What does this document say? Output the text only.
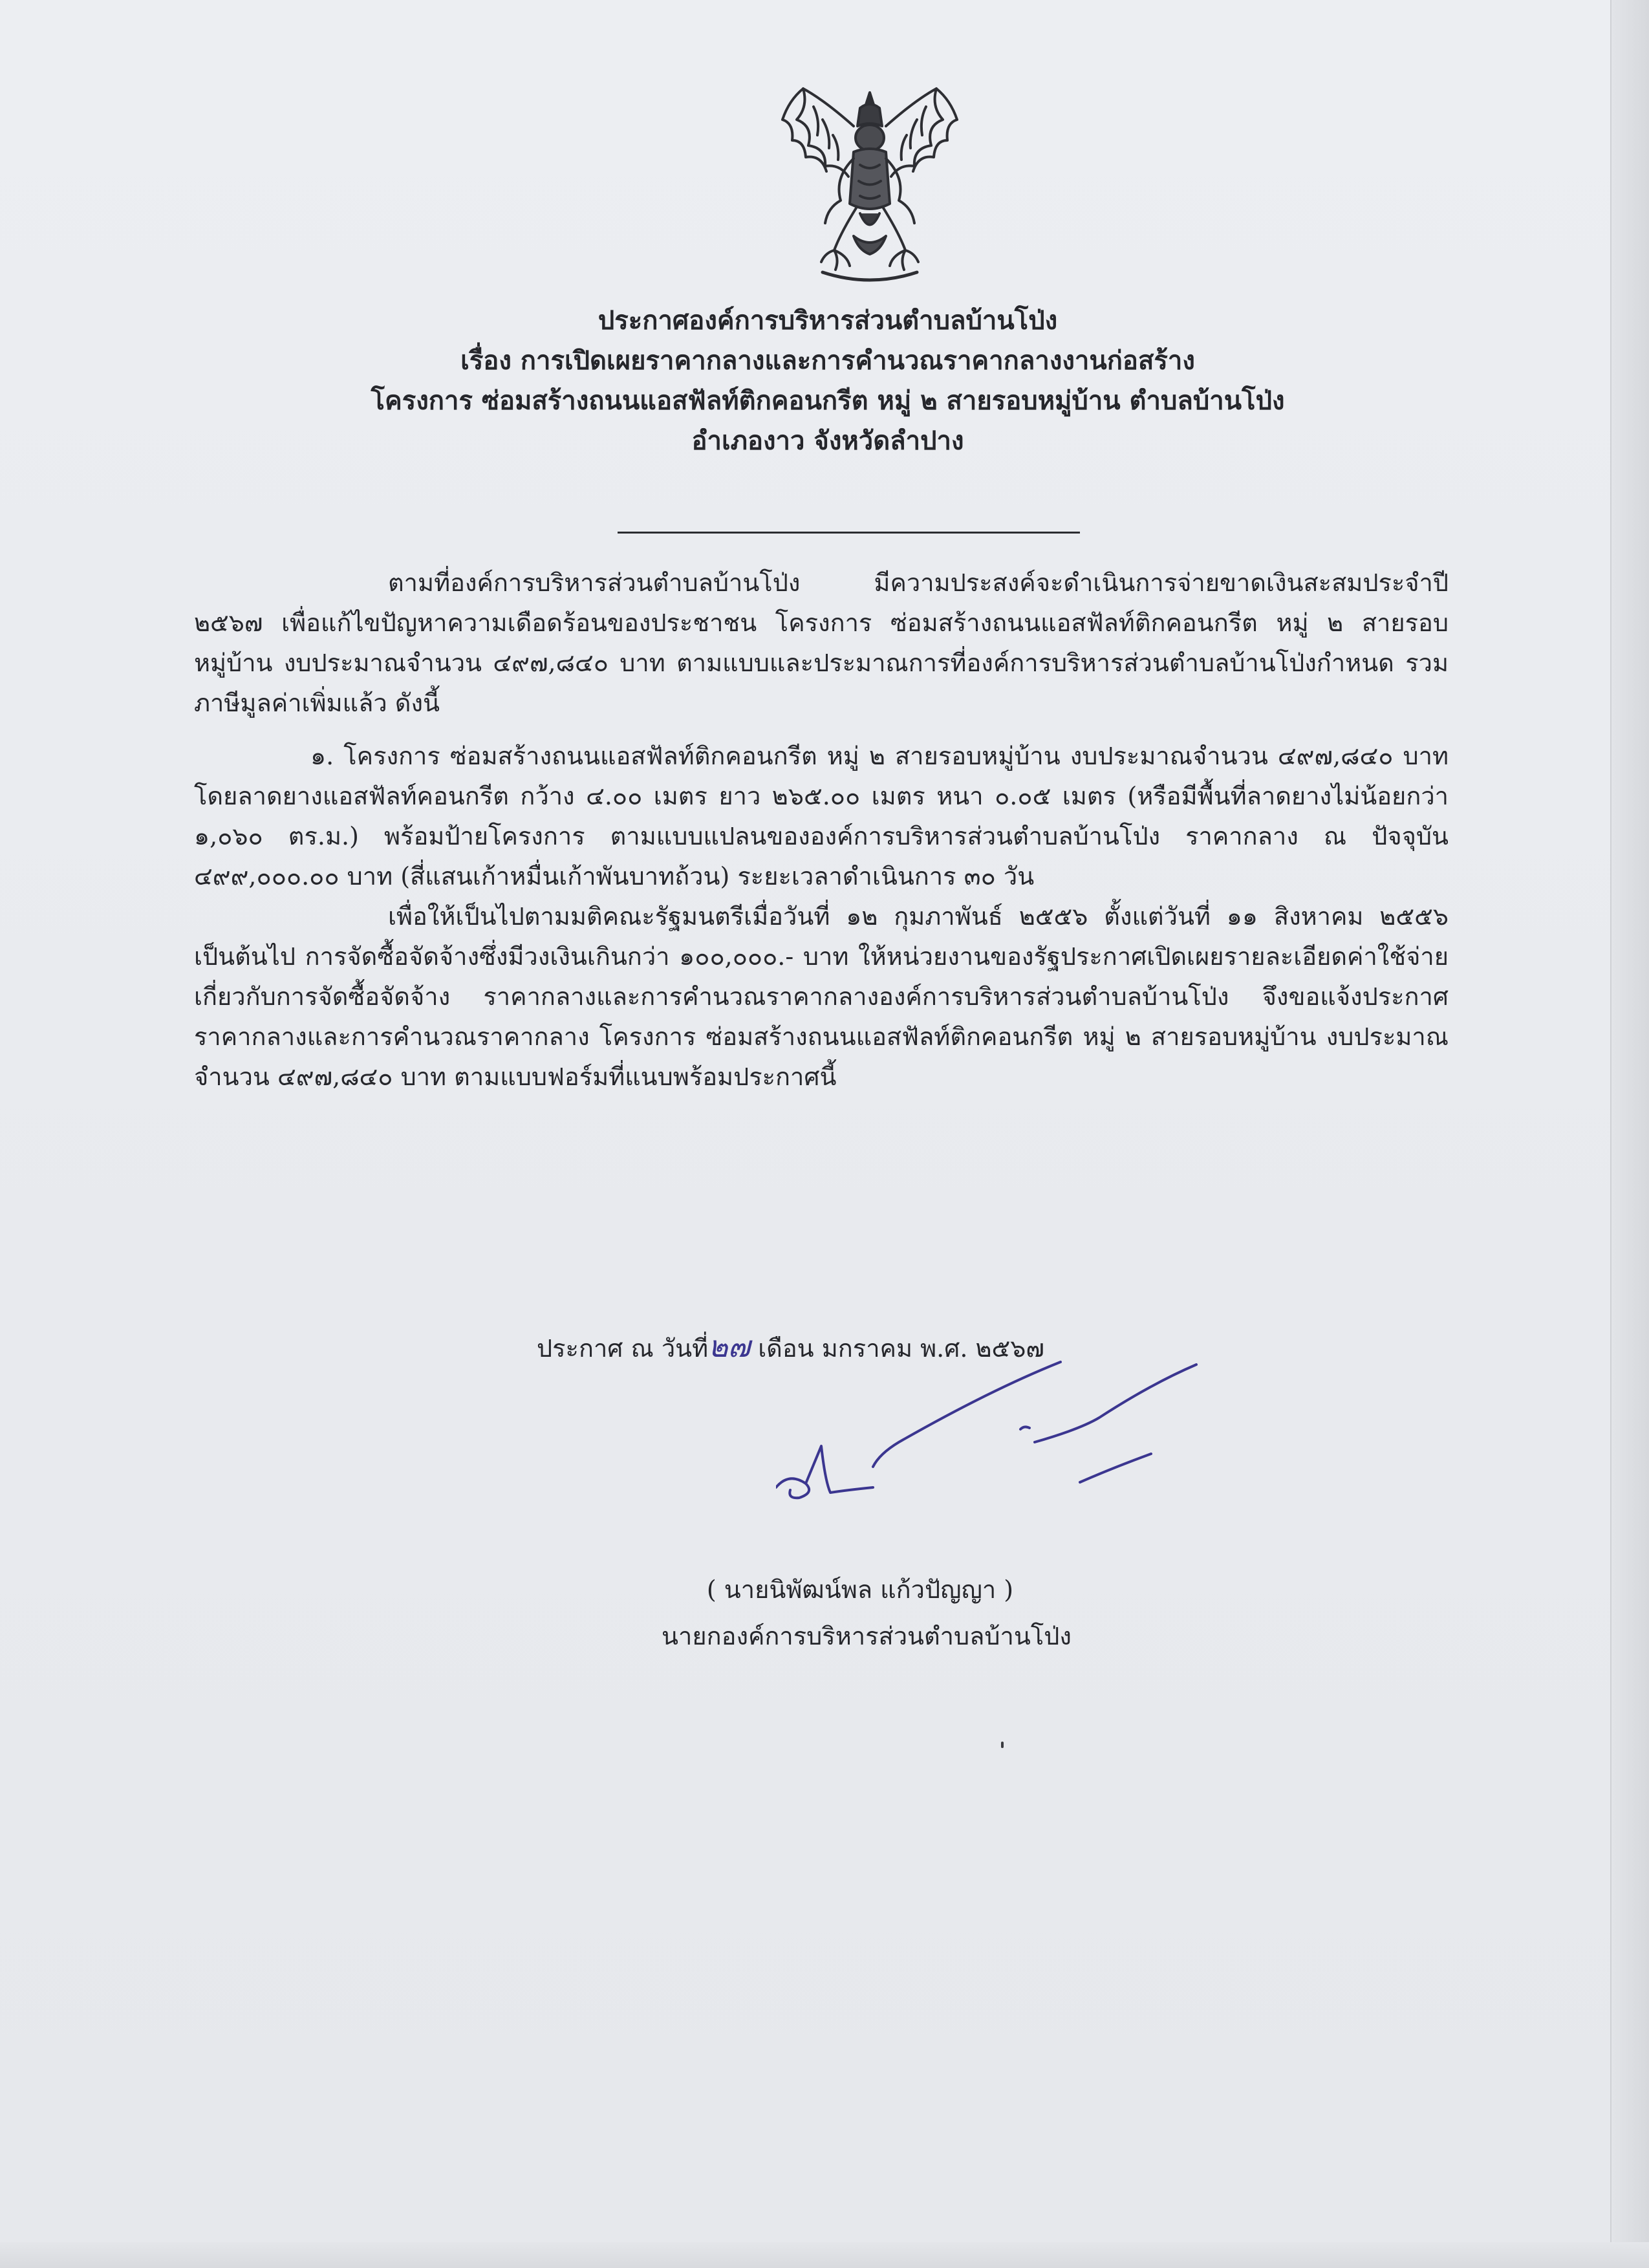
ประกาศองค์การบริหารส่วนตำบลบ้านโป่ง

เรื่อง การเปิดเผยราคากลางและการคำนวณราคากลางงานก่อสร้าง

โครงการ ซ่อมสร้างถนนแอสฟัลท์ติกคอนกรีต หมู่ ๒ สายรอบหมู่บ้าน ตำบลบ้านโป่ง

อำเภองาว จังหวัดลำปาง

ตามที่องค์การบริหารส่วนตำบลบ้านโป่ง มีความประสงค์จะดำเนินการจ่ายขาดเงินสะสมประจำปี ๒๕๖๗ เพื่อแก้ไขปัญหาความเดือดร้อนของประชาชน โครงการ ซ่อมสร้างถนนแอสฟัลท์ติกคอนกรีต หมู่ ๒ สายรอบหมู่บ้าน งบประมาณจำนวน ๔๙๗,๘๔๐ บาท ตามแบบและประมาณการที่องค์การบริหารส่วนตำบลบ้านโป่งกำหนด รวมภาษีมูลค่าเพิ่มแล้ว ดังนี้

๑. โครงการ ซ่อมสร้างถนนแอสฟัลท์ติกคอนกรีต หมู่ ๒ สายรอบหมู่บ้าน งบประมาณจำนวน ๔๙๗,๘๔๐ บาท โดยลาดยางแอสฟัลท์คอนกรีต กว้าง ๔.๐๐ เมตร ยาว ๒๖๕.๐๐ เมตร หนา ๐.๐๕ เมตร (หรือมีพื้นที่ลาดยางไม่น้อยกว่า ๑,๐๖๐ ตร.ม.) พร้อมป้ายโครงการ ตามแบบแปลนขององค์การบริหารส่วนตำบลบ้านโป่ง ราคากลาง ณ ปัจจุบัน ๔๙๙,๐๐๐.๐๐ บาท (สี่แสนเก้าหมื่นเก้าพันบาทถ้วน) ระยะเวลาดำเนินการ ๓๐ วัน

เพื่อให้เป็นไปตามมติคณะรัฐมนตรีเมื่อวันที่ ๑๒ กุมภาพันธ์ ๒๕๕๖ ตั้งแต่วันที่ ๑๑ สิงหาคม ๒๕๕๖ เป็นต้นไป การจัดซื้อจัดจ้างซึ่งมีวงเงินเกินกว่า ๑๐๐,๐๐๐.- บาท ให้หน่วยงานของรัฐประกาศเปิดเผยรายละเอียดค่าใช้จ่ายเกี่ยวกับการจัดซื้อจัดจ้าง ราคากลางและการคำนวณราคากลางองค์การบริหารส่วนตำบลบ้านโป่ง จึงขอแจ้งประกาศราคากลางและการคำนวณราคากลาง โครงการ ซ่อมสร้างถนนแอสฟัลท์ติกคอนกรีต หมู่ ๒ สายรอบหมู่บ้าน งบประมาณจำนวน ๔๙๗,๘๔๐ บาท ตามแบบฟอร์มที่แนบพร้อมประกาศนี้

ประกาศ ณ วันที่๒๗ เดือน มกราคม พ.ศ. ๒๕๖๗
( นายนิพัฒน์พล แก้วปัญญา )
นายกองค์การบริหารส่วนตำบลบ้านโป่ง
